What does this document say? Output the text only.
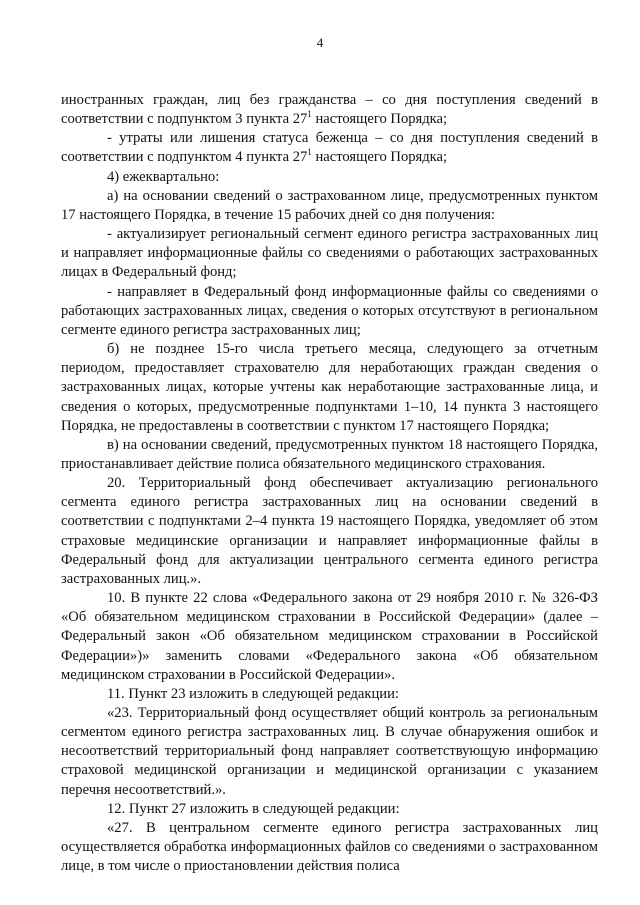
4

иностранных граждан, лиц без гражданства – со дня поступления сведений в соответствии с подпунктом 3 пункта $27^1$ настоящего Порядка;

- утраты или лишения статуса беженца – со дня поступления сведений в соответствии с подпунктом 4 пункта $27^1$ настоящего Порядка;

4) ежеквартально:

а) на основании сведений о застрахованном лице, предусмотренных пунктом 17 настоящего Порядка, в течение 15 рабочих дней со дня получения:

- актуализирует региональный сегмент единого регистра застрахованных лиц и направляет информационные файлы со сведениями о работающих застрахованных лицах в Федеральный фонд;

- направляет в Федеральный фонд информационные файлы со сведениями о работающих застрахованных лицах, сведения о которых отсутствуют в региональном сегменте единого регистра застрахованных лиц;

б) не позднее 15-го числа третьего месяца, следующего за отчетным периодом, предоставляет страхователю для неработающих граждан сведения о застрахованных лицах, которые учтены как неработающие застрахованные лица, и сведения о которых, предусмотренные подпунктами 1–10, 14 пункта 3 настоящего Порядка, не предоставлены в соответствии с пунктом 17 настоящего Порядка;

в) на основании сведений, предусмотренных пунктом 18 настоящего Порядка, приостанавливает действие полиса обязательного медицинского страхования.

20. Территориальный фонд обеспечивает актуализацию регионального сегмента единого регистра застрахованных лиц на основании сведений в соответствии с подпунктами 2–4 пункта 19 настоящего Порядка, уведомляет об этом страховые медицинские организации и направляет информационные файлы в Федеральный фонд для актуализации центрального сегмента единого регистра застрахованных лиц.».

10. В пункте 22 слова «Федерального закона от 29 ноября 2010 г. № 326-ФЗ «Об обязательном медицинском страховании в Российской Федерации» (далее – Федеральный закон «Об обязательном медицинском страховании в Российской Федерации»)» заменить словами «Федерального закона «Об обязательном медицинском страховании в Российской Федерации».

11. Пункт 23 изложить в следующей редакции:

«23. Территориальный фонд осуществляет общий контроль за региональным сегментом единого регистра застрахованных лиц. В случае обнаружения ошибок и несоответствий территориальный фонд направляет соответствующую информацию страховой медицинской организации и медицинской организации с указанием перечня несоответствий.».

12. Пункт 27 изложить в следующей редакции:

«27. В центральном сегменте единого регистра застрахованных лиц осуществляется обработка информационных файлов со сведениями о застрахованном лице, в том числе о приостановлении действия полиса
